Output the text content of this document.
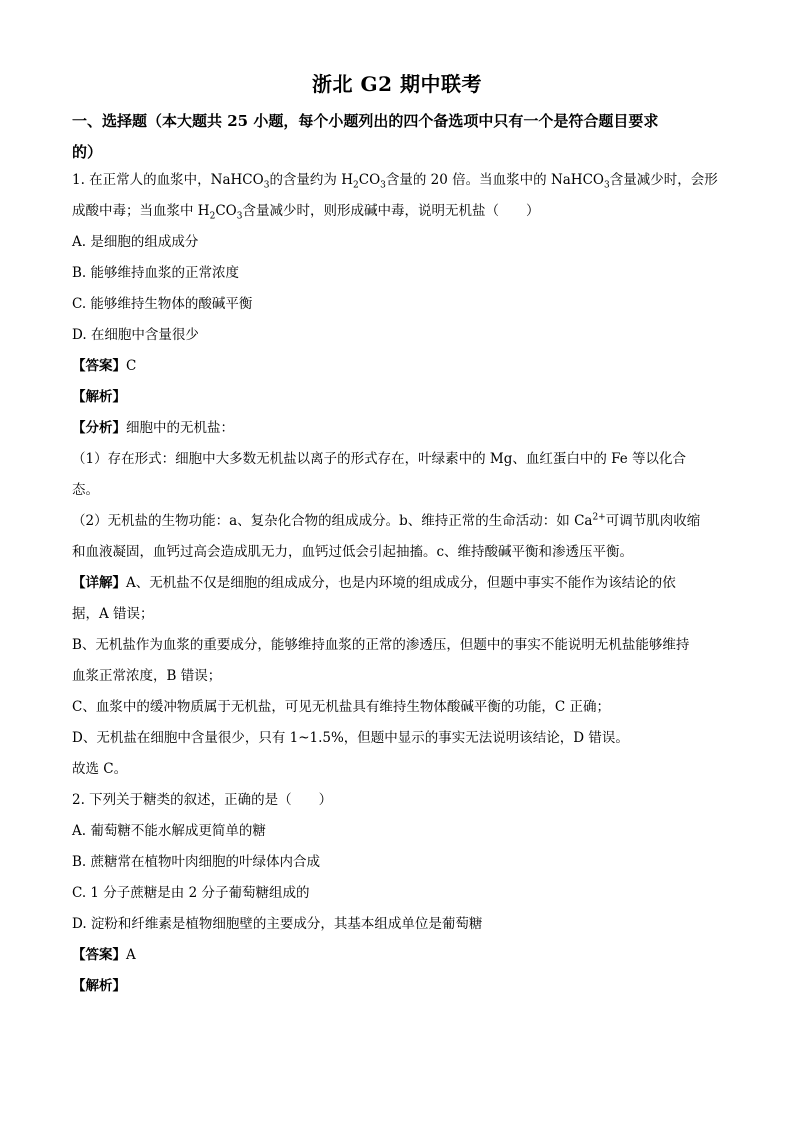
浙北 G2 期中联考
一、选择题（本大题共 25 小题，每个小题列出的四个备选项中只有一个是符合题目要求
的）
1. 在正常人的血浆中，NaHCO$_3$的含量约为 $H_2CO_3$含量的 20 倍。当血浆中的 NaHCO$_3$含量减少时，会形
成酸中毒；当血浆中 $H_2CO_3$含量减少时，则形成碱中毒，说明无机盐（　　）
A. 是细胞的组成成分
B. 能够维持血浆的正常浓度
C. 能够维持生物体的酸碱平衡
D. 在细胞中含量很少
【答案】C
【解析】
【分析】细胞中的无机盐：
（1）存在形式：细胞中大多数无机盐以离子的形式存在，叶绿素中的 Mg、血红蛋白中的 Fe 等以化合
态。
（2）无机盐的生物功能：a、复杂化合物的组成成分。b、维持正常的生命活动：如 $Ca^{2+}$可调节肌肉收缩
和血液凝固，血钙过高会造成肌无力，血钙过低会引起抽搐。c、维持酸碱平衡和渗透压平衡。
【详解】A、无机盐不仅是细胞的组成成分，也是内环境的组成成分，但题中事实不能作为该结论的依
据，A 错误；
B、无机盐作为血浆的重要成分，能够维持血浆的正常的渗透压，但题中的事实不能说明无机盐能够维持
血浆正常浓度，B 错误；
C、血浆中的缓冲物质属于无机盐，可见无机盐具有维持生物体酸碱平衡的功能，C 正确；
D、无机盐在细胞中含量很少，只有 1~1.5%，但题中显示的事实无法说明该结论，D 错误。
故选 C。
2. 下列关于糖类的叙述，正确的是（　　）
A. 葡萄糖不能水解成更简单的糖
B. 蔗糖常在植物叶肉细胞的叶绿体内合成
C. 1 分子蔗糖是由 2 分子葡萄糖组成的
D. 淀粉和纤维素是植物细胞壁的主要成分，其基本组成单位是葡萄糖
【答案】A
【解析】
